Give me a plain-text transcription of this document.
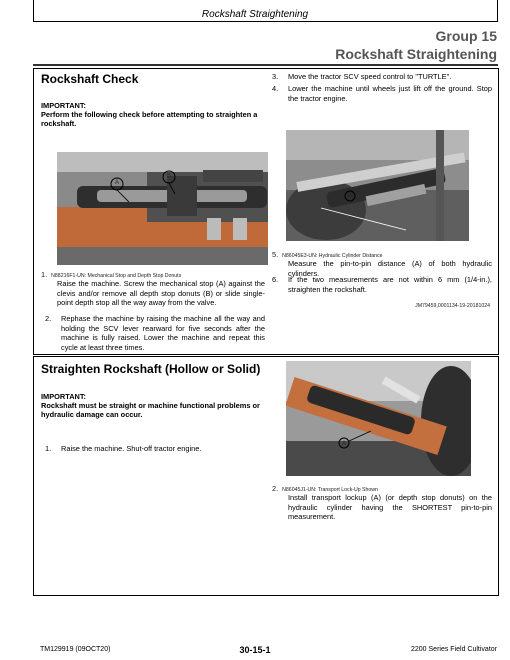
Rockshaft Straightening
Group 15
Rockshaft Straightening
Rockshaft Check
IMPORTANT:
Perform the following check before attempting to straighten a rockshaft.
A
B
1. N88216F1-UN: Mechanical Stop and Depth Stop Donuts
Raise the machine. Screw the mechanical stop (A) against the clevis and/or remove all depth stop donuts (B) or slide single-point depth stop all the way away from the valve.
2. Rephase the machine by raising the machine all the way and holding the SCV lever rearward for five seconds after the machine is fully raised. Lower the machine and repeat this cycle at least three times.
3. Move the tractor SCV speed control to "TURTLE".
4. Lower the machine until wheels just lift off the ground. Stop the tractor engine.
A
5. N86045E3-UN: Hydraulic Cylinder Distance
Measure the pin-to-pin distance (A) of both hydraulic cylinders.
6. If the two measurements are not within 6 mm (1/4-in.), straighten the rockshaft.
JM79459,0001134-19-20181024
Straighten Rockshaft (Hollow or Solid)
IMPORTANT:
Rockshaft must be straight or machine functional problems or hydraulic damage can occur.
1. Raise the machine. Shut-off tractor engine.	A
2. N86045J1-UN: Transport Lock-Up Shown
Install transport lockup (A) (or depth stop donuts) on the hydraulic cylinder having the SHORTEST pin-to-pin measurement.
TM129919 (09OCT20)	30-15-1	2200 Series Field Cultivator
